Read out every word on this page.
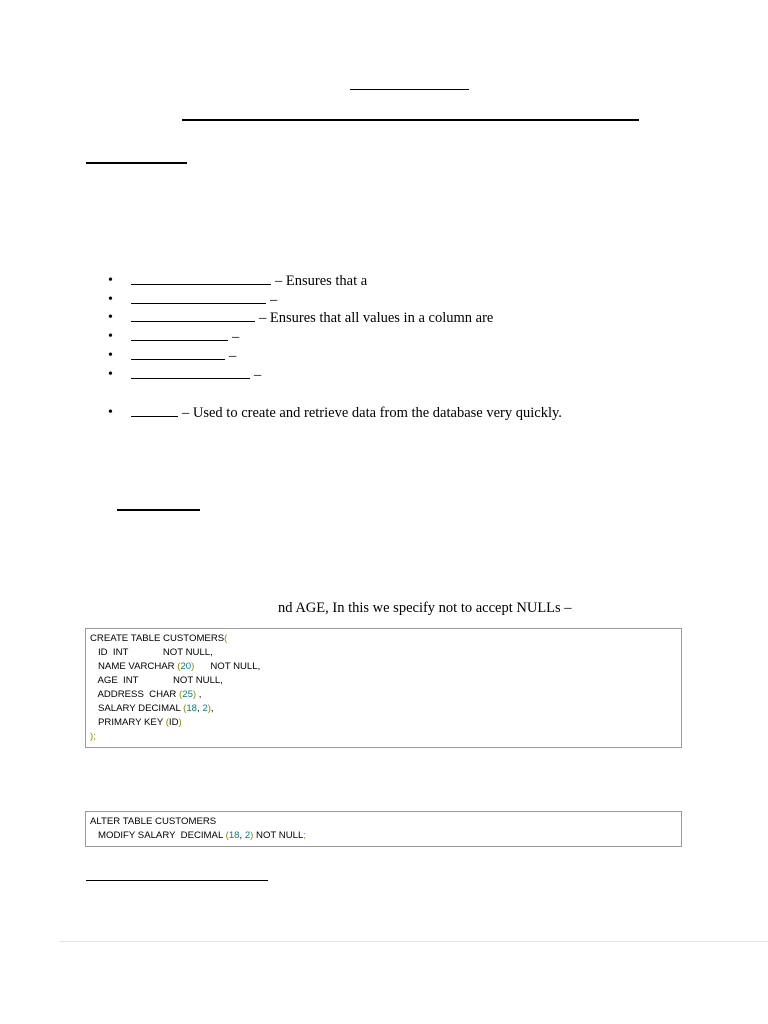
• – Ensures that a
• –
• – Ensures that all values in a column are
• –
• –
• –
• – Used to create and retrieve data from the database very quickly.
nd AGE, In this we specify not to accept NULLs –
CREATE TABLE CUSTOMERS(
ID  INT             NOT NULL,
NAME VARCHAR (20)      NOT NULL,
AGE  INT             NOT NULL,
ADDRESS  CHAR (25) ,
SALARY DECIMAL (18, 2),
PRIMARY KEY (ID)
);
ALTER TABLE CUSTOMERS
MODIFY SALARY  DECIMAL (18, 2) NOT NULL;
